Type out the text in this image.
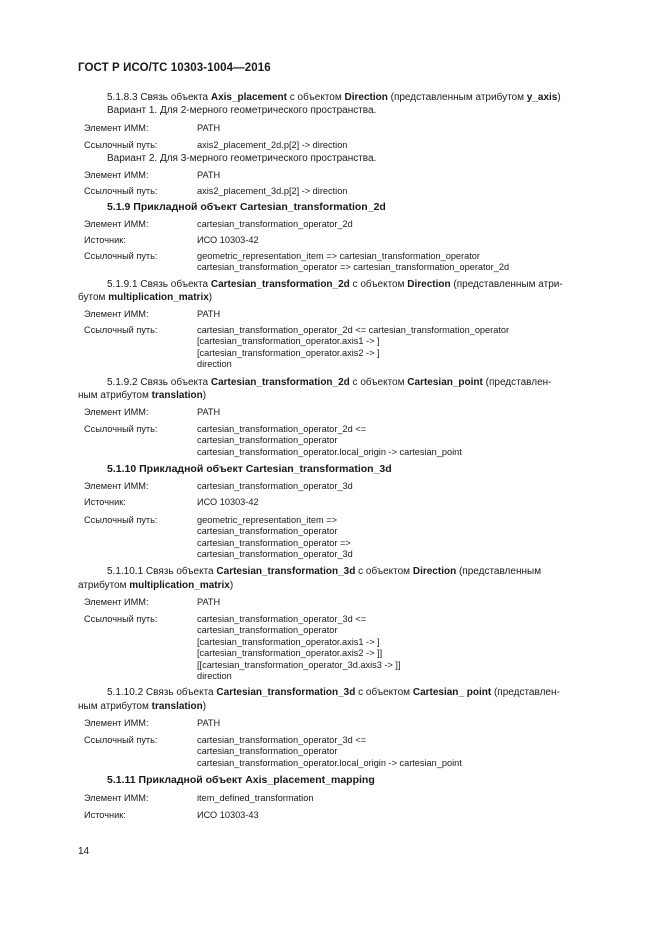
ГОСТ Р ИСО/ТС 10303-1004—2016
5.1.8.3 Связь объекта Axis_placement с объектом Direction (представленным атрибутом y_axis)
Вариант 1. Для 2-мерного геометрического пространства.
Элемент ИММ:	PATH
Ссылочный путь:	axis2_placement_2d.p[2] -> direction
Вариант 2. Для 3-мерного геометрического пространства.
Элемент ИММ:	PATH
Ссылочный путь:	axis2_placement_3d.p[2] -> direction
5.1.9 Прикладной объект Cartesian_transformation_2d
Элемент ИММ:	cartesian_transformation_operator_2d
Источник:	ИСО 10303-42
Ссылочный путь:	geometric_representation_item => cartesian_transformation_operator
cartesian_transformation_operator => cartesian_transformation_operator_2d
5.1.9.1 Связь объекта Cartesian_transformation_2d с объектом Direction (представленным атри-
бутом multiplication_matrix)
Элемент ИММ:	PATH
Ссылочный путь:	cartesian_transformation_operator_2d <= cartesian_transformation_operator
[cartesian_transformation_operator.axis1 -> ]
[cartesian_transformation_operator.axis2 -> ]
direction
5.1.9.2 Связь объекта Cartesian_transformation_2d с объектом Cartesian_point (представлен-
ным атрибутом translation)
Элемент ИММ:	PATH
Ссылочный путь:	cartesian_transformation_operator_2d <=
cartesian_transformation_operator
cartesian_transformation_operator.local_origin -> cartesian_point
5.1.10 Прикладной объект Cartesian_transformation_3d
Элемент ИММ:	cartesian_transformation_operator_3d
Источник:	ИСО 10303-42
Ссылочный путь:	geometric_representation_item =>
cartesian_transformation_operator
cartesian_transformation_operator =>
cartesian_transformation_operator_3d
5.1.10.1 Связь объекта Cartesian_transformation_3d с объектом Direction (представленным
атрибутом multiplication_matrix)
Элемент ИММ:	PATH
Ссылочный путь:	cartesian_transformation_operator_3d <=
cartesian_transformation_operator
[cartesian_transformation_operator.axis1 -> ]
[cartesian_transformation_operator.axis2 -> ]]
[[cartesian_transformation_operator_3d.axis3 -> ]]
direction
5.1.10.2 Связь объекта Cartesian_transformation_3d с объектом Cartesian_ point (представлен-
ным атрибутом translation)
Элемент ИММ:	PATH
Ссылочный путь:	cartesian_transformation_operator_3d <=
cartesian_transformation_operator
cartesian_transformation_operator.local_origin -> cartesian_point
5.1.11 Прикладной объект Axis_placement_mapping
Элемент ИММ:	item_defined_transformation
Источник:	ИСО 10303-43
14
